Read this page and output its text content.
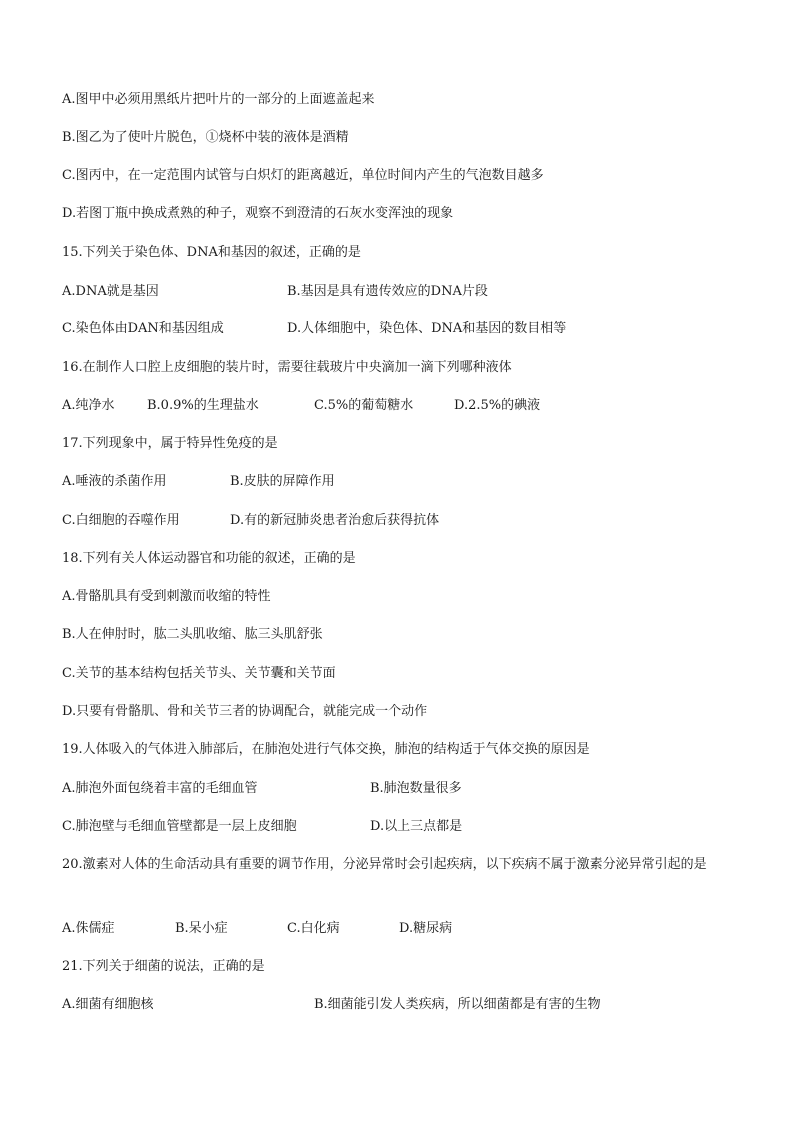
A.图甲中必须用黑纸片把叶片的一部分的上面遮盖起来
B.图乙为了使叶片脱色，①烧杯中装的液体是酒精
C.图丙中，在一定范围内试管与白炽灯的距离越近，单位时间内产生的气泡数目越多
D.若图丁瓶中换成煮熟的种子，观察不到澄清的石灰水变浑浊的现象
15.下列关于染色体、DNA和基因的叙述，正确的是
A.DNA就是基因	B.基因是具有遗传效应的DNA片段
C.染色体由DAN和基因组成	D.人体细胞中，染色体、DNA和基因的数目相等
16.在制作人口腔上皮细胞的装片时，需要往载玻片中央滴加一滴下列哪种液体
A.纯净水 B.0.9%的生理盐水	C.5%的葡萄糖水	D.2.5%的碘液
17.下列现象中，属于特异性免疫的是
A.唾液的杀菌作用	B.皮肤的屏障作用
C.白细胞的吞噬作用	D.有的新冠肺炎患者治愈后获得抗体
18.下列有关人体运动器官和功能的叙述，正确的是
A.骨骼肌具有受到刺激而收缩的特性
B.人在伸肘时，肱二头肌收缩、肱三头肌舒张
C.关节的基本结构包括关节头、关节囊和关节面
D.只要有骨骼肌、骨和关节三者的协调配合，就能完成一个动作
19.人体吸入的气体进入肺部后，在肺泡处进行气体交换，肺泡的结构适于气体交换的原因是
A.肺泡外面包绕着丰富的毛细血管	B.肺泡数量很多
C.肺泡壁与毛细血管壁都是一层上皮细胞	D.以上三点都是
20.激素对人体的生命活动具有重要的调节作用，分泌异常时会引起疾病，以下疾病不属于激素分泌异常引起的是
A.侏儒症	B.呆小症	C.白化病	D.糖尿病
21.下列关于细菌的说法，正确的是
A.细菌有细胞核	B.细菌能引发人类疾病，所以细菌都是有害的生物
